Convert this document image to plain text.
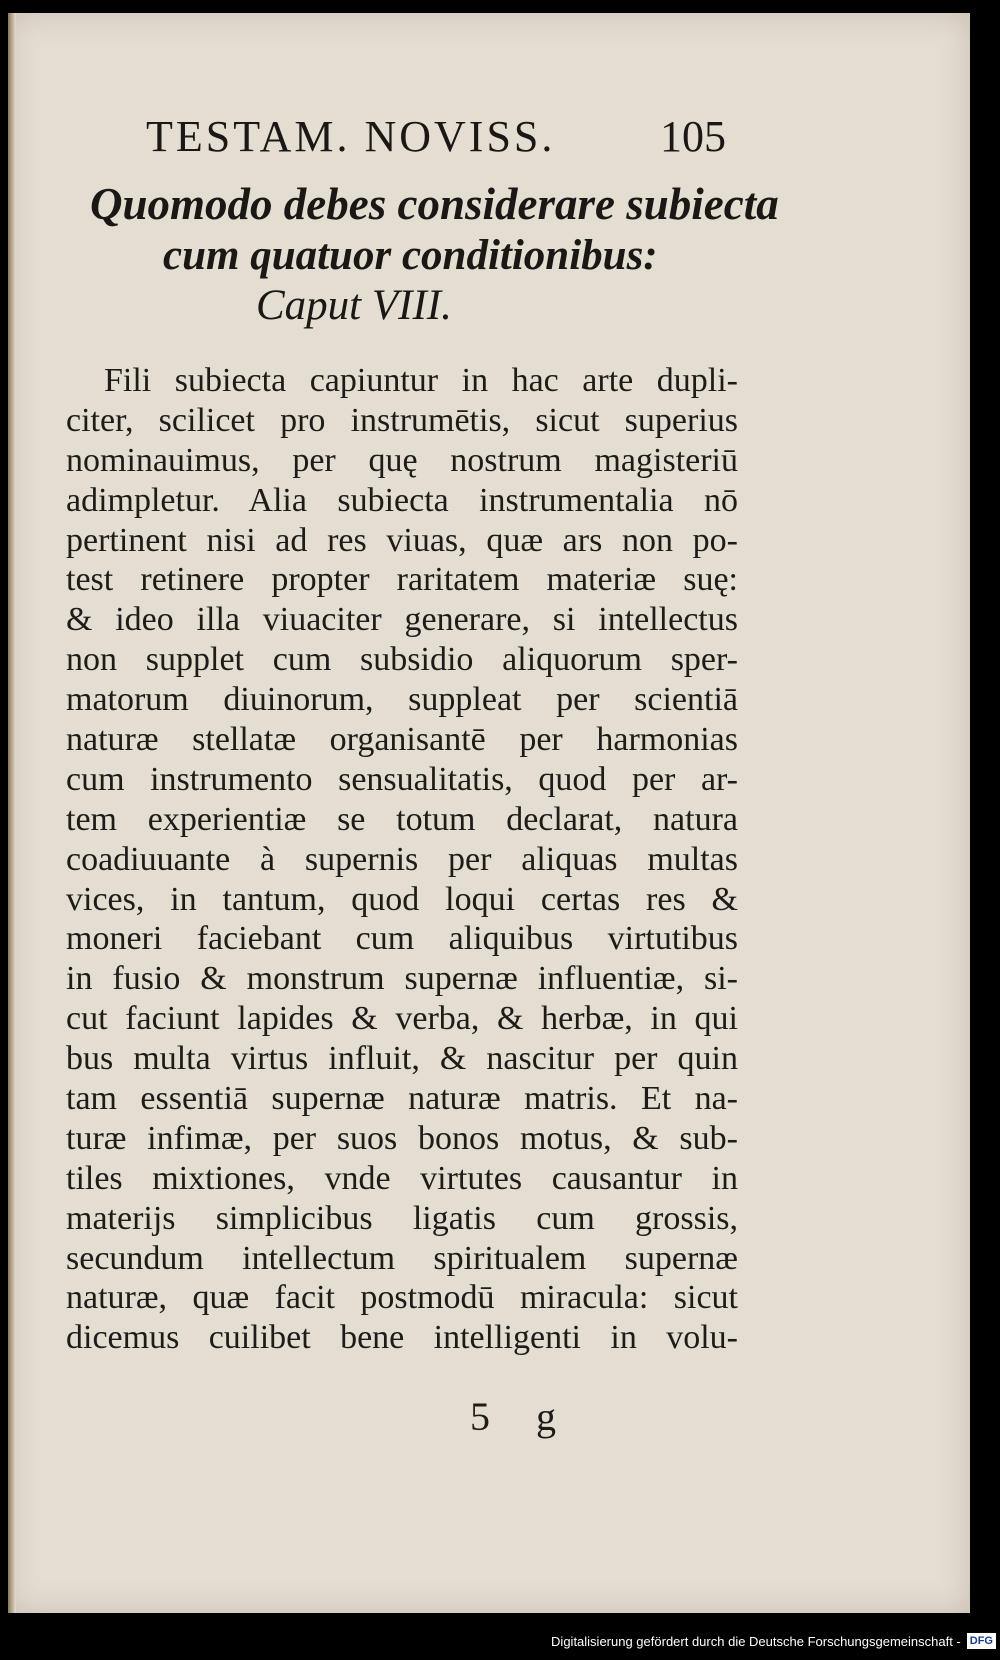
TESTAM. NOVISS. 105
Quomodo debes considerare subiecta
cum quatuor conditionibus:
Caput VIII.
Fili subiecta capiuntur in hac arte dupli-
citer, scilicet pro instrumētis, sicut superius
nominauimus, per quę nostrum magisteriū
adimpletur. Alia subiecta instrumentalia nō
pertinent nisi ad res viuas, quæ ars non po-
test retinere propter raritatem materiæ suę:
& ideo illa viuaciter generare, si intellectus
non supplet cum subsidio aliquorum sper-
matorum diuinorum, suppleat per scientiā
naturæ stellatæ organisantē per harmonias
cum instrumento sensualitatis, quod per ar-
tem experientiæ se totum declarat, natura
coadiuuante à supernis per aliquas multas
vices, in tantum, quod loqui certas res &
moneri faciebant cum aliquibus virtutibus
in fusio & monstrum supernæ influentiæ, si-
cut faciunt lapides & verba, & herbæ, in qui
bus multa virtus influit, & nascitur per quin
tam essentiā supernæ naturæ matris. Et na-
turæ infimæ, per suos bonos motus, & sub-
tiles mixtiones, vnde virtutes causantur in
materijs simplicibus ligatis cum grossis,
secundum intellectum spiritualem supernæ
naturæ, quæ facit postmodū miracula: sicut
dicemus cuilibet bene intelligenti in volu-
5 g
Digitalisierung gefördert durch die Deutsche Forschungsgemeinschaft - DFG
